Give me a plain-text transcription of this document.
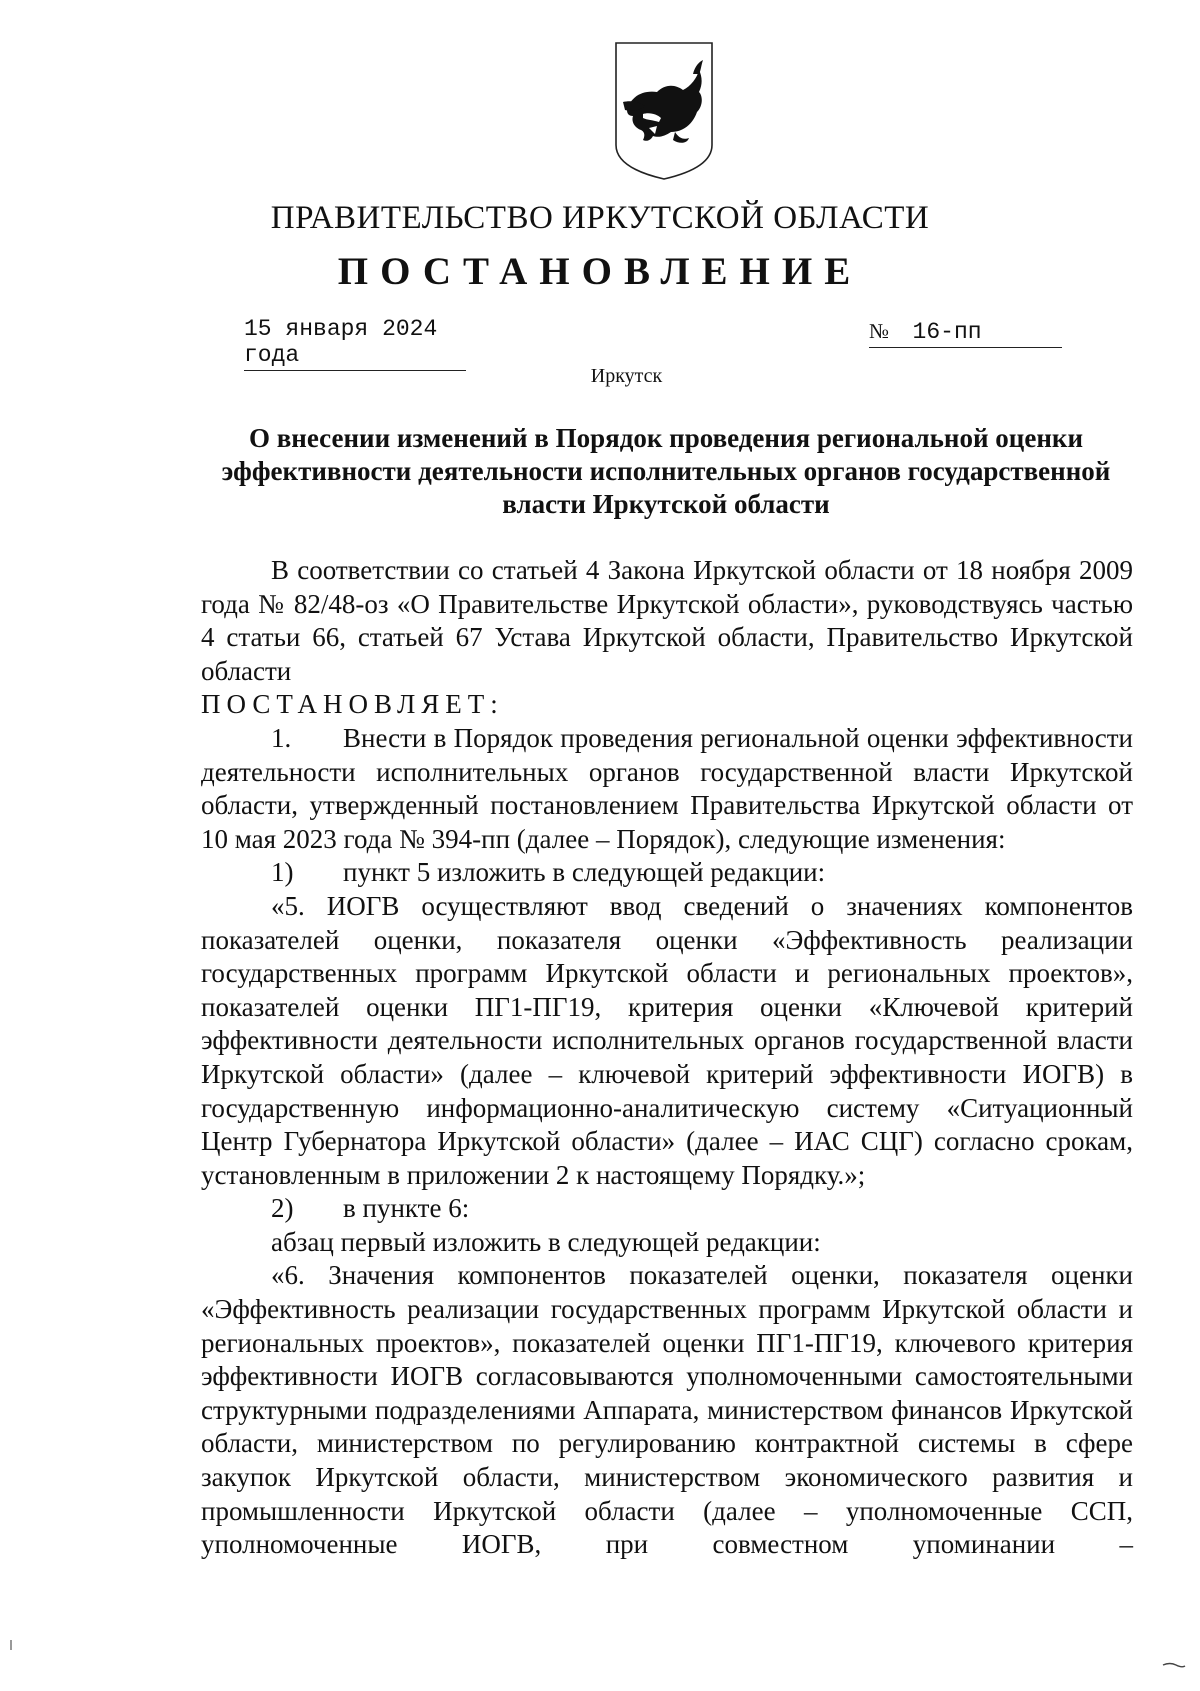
ПРАВИТЕЛЬСТВО ИРКУТСКОЙ ОБЛАСТИ
ПОСТАНОВЛЕНИЕ
15 января 2024 года
№ 16-пп
Иркутск
О внесении изменений в Порядок проведения региональной оценки эффективности деятельности исполнительных органов государственной власти Иркутской области

В соответствии со статьей 4 Закона Иркутской области от 18 ноября 2009 года № 82/48-оз «О Правительстве Иркутской области», руководствуясь частью 4 статьи 66, статьей 67 Устава Иркутской области, Правительство Иркутской области

ПОСТАНОВЛЯЕТ:

1. Внести в Порядок проведения региональной оценки эффективности деятельности исполнительных органов государственной власти Иркутской области, утвержденный постановлением Правительства Иркутской области от 10 мая 2023 года № 394-пп (далее – Порядок), следующие изменения:

1) пункт 5 изложить в следующей редакции:

«5. ИОГВ осуществляют ввод сведений о значениях компонентов показателей оценки, показателя оценки «Эффективность реализации государственных программ Иркутской области и региональных проектов», показателей оценки ПГ1-ПГ19, критерия оценки «Ключевой критерий эффективности деятельности исполнительных органов государственной власти Иркутской области» (далее – ключевой критерий эффективности ИОГВ) в государственную информационно-аналитическую систему «Ситуационный Центр Губернатора Иркутской области» (далее – ИАС СЦГ) согласно срокам, установленным в приложении 2 к настоящему Порядку.»;

2) в пункте 6:

абзац первый изложить в следующей редакции:

«6. Значения компонентов показателей оценки, показателя оценки «Эффективность реализации государственных программ Иркутской области и региональных проектов», показателей оценки ПГ1-ПГ19, ключевого критерия эффективности ИОГВ согласовываются уполномоченными самостоятельными структурными подразделениями Аппарата, министерством финансов Иркутской области, министерством по регулированию контрактной системы в сфере закупок Иркутской области, министерством экономического развития и промышленности Иркутской области (далее – уполномоченные ССП, уполномоченные ИОГВ, при совместном упоминании –
